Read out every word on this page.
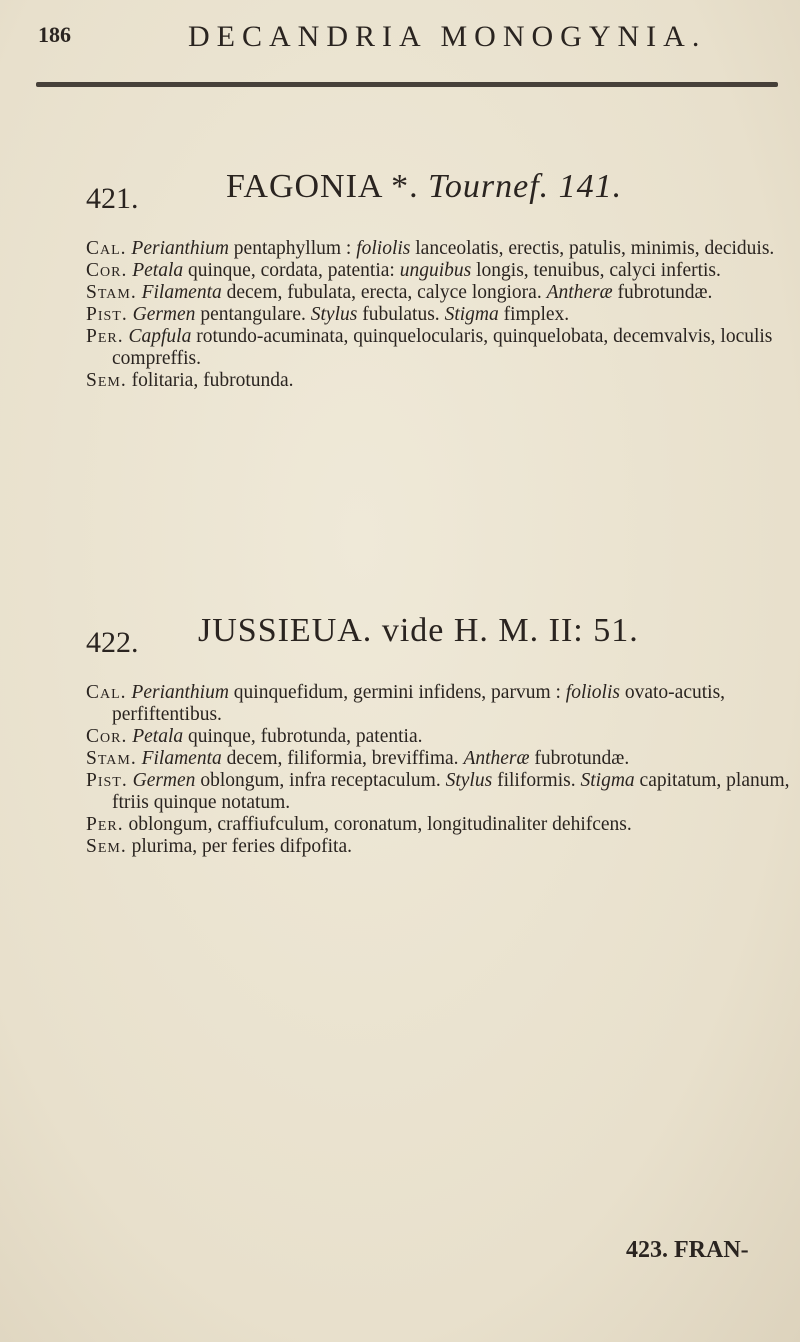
186	DECANDRIA MONOGYNIA.
421.	FAGONIA *. Tournef. 141.

Cal. Perianthium pentaphyllum : foliolis lanceolatis, erectis, patulis, minimis, deciduis.

Cor. Petala quinque, cordata, patentia: unguibus longis, tenuibus, calyci infertis.

Stam. Filamenta decem, fubulata, erecta, calyce longiora. Antheræ fubrotundæ.

Pist. Germen pentangulare. Stylus fubulatus. Stigma fimplex.

Per. Capfula rotundo-acuminata, quinquelocularis, quinquelobata, decemvalvis, loculis compreffis.

Sem. folitaria, fubrotunda.

422. JUSSIEUA. vide H. M. II: 51.

Cal. Perianthium quinquefidum, germini infidens, parvum : foliolis ovato-acutis, perfiftentibus.

Cor. Petala quinque, fubrotunda, patentia.

Stam. Filamenta decem, filiformia, breviffima. Antheræ fubrotundæ.

Pist. Germen oblongum, infra receptaculum. Stylus filiformis. Stigma capitatum, planum, ftriis quinque notatum.

Per. oblongum, craffiufculum, coronatum, longitudinaliter dehifcens.

Sem. plurima, per feries difpofita.

423. FRAN-
